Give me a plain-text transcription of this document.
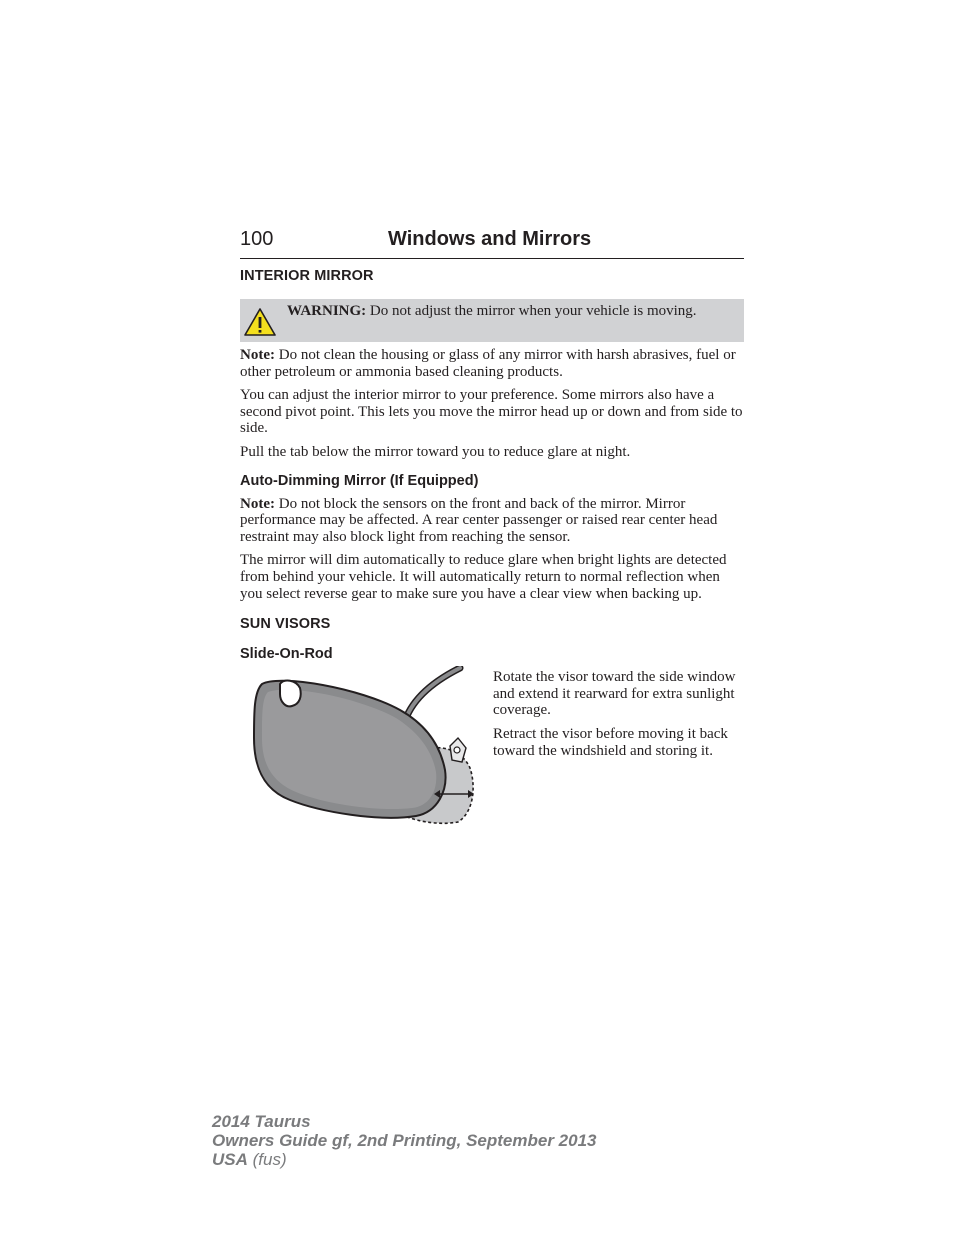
100	Windows and Mirrors
INTERIOR MIRROR
WARNING: Do not adjust the mirror when your vehicle is moving.

Note: Do not clean the housing or glass of any mirror with harsh abrasives, fuel or other petroleum or ammonia based cleaning products.

You can adjust the interior mirror to your preference. Some mirrors also have a second pivot point. This lets you move the mirror head up or down and from side to side.

Pull the tab below the mirror toward you to reduce glare at night.

Auto-Dimming Mirror (If Equipped)

Note: Do not block the sensors on the front and back of the mirror. Mirror performance may be affected. A rear center passenger or raised rear center head restraint may also block light from reaching the sensor.

The mirror will dim automatically to reduce glare when bright lights are detected from behind your vehicle. It will automatically return to normal reflection when you select reverse gear to make sure you have a clear view when backing up.

SUN VISORS
Slide-On-Rod

Rotate the visor toward the side window and extend it rearward for extra sunlight coverage.

Retract the visor before moving it back toward the windshield and storing it.

2014 Taurus
Owners Guide gf, 2nd Printing, September 2013
USA (fus)
